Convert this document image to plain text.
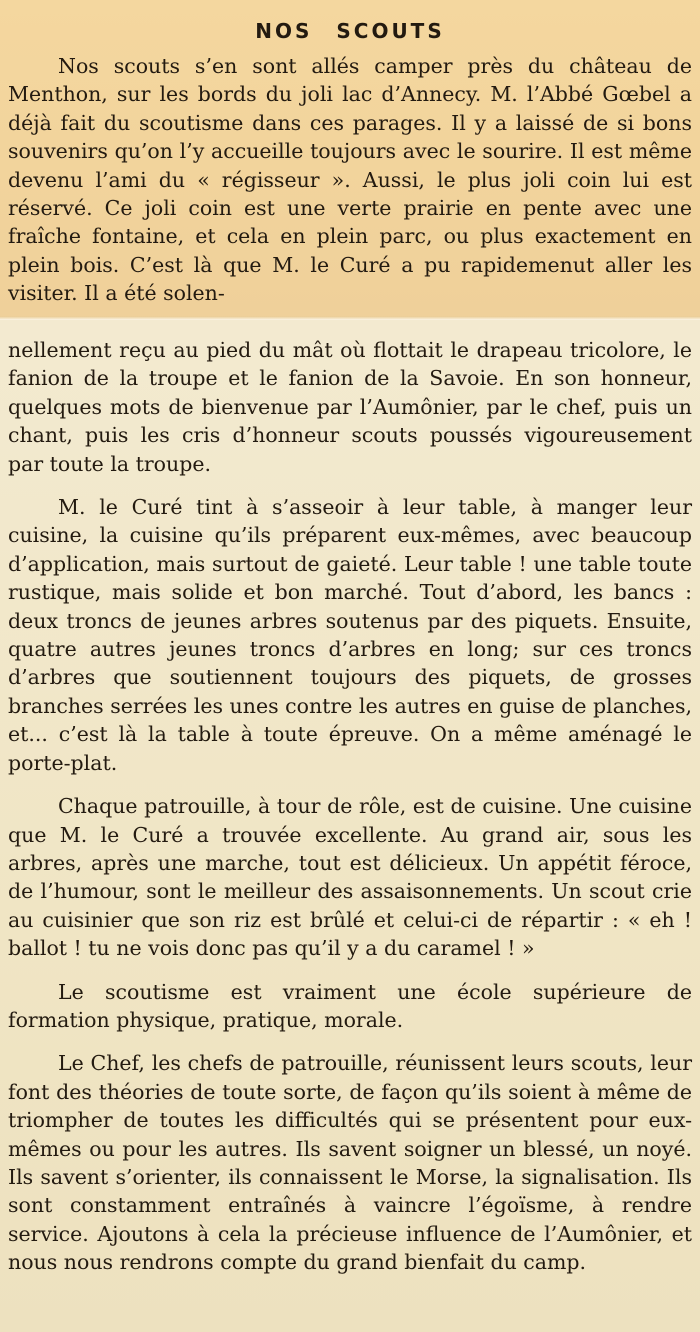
NOS SCOUTS

Nos scouts s’en sont allés camper près du château de Menthon, sur les bords du joli lac d’Annecy. M. l’Abbé Gœbel a déjà fait du scoutisme dans ces parages. Il y a laissé de si bons souvenirs qu’on l’y accueille toujours avec le sourire. Il est même devenu l’ami du « régisseur ». Aussi, le plus joli coin lui est réservé. Ce joli coin est une verte prairie en pente avec une fraîche fontaine, et cela en plein parc, ou plus exactement en plein bois. C’est là que M. le Curé a pu rapidemenut aller les visiter. Il a été solen-

nellement reçu au pied du mât où flottait le drapeau tricolore, le fanion de la troupe et le fanion de la Savoie. En son honneur, quelques mots de bienvenue par l’Aumônier, par le chef, puis un chant, puis les cris d’honneur scouts poussés vigoureusement par toute la troupe.

M. le Curé tint à s’asseoir à leur table, à manger leur cuisine, la cuisine qu’ils préparent eux-mêmes, avec beaucoup d’application, mais surtout de gaieté. Leur table ! une table toute rustique, mais solide et bon marché. Tout d’abord, les bancs : deux troncs de jeunes arbres soutenus par des piquets. Ensuite, quatre autres jeunes troncs d’arbres en long; sur ces troncs d’arbres que soutiennent toujours des piquets, de grosses branches serrées les unes contre les autres en guise de planches, et... c’est là la table à toute épreuve. On a même aménagé le porte-plat.

Chaque patrouille, à tour de rôle, est de cuisine. Une cuisine que M. le Curé a trouvée excellente. Au grand air, sous les arbres, après une marche, tout est délicieux. Un appétit féroce, de l’humour, sont le meilleur des assaisonnements. Un scout crie au cuisinier que son riz est brûlé et celui-ci de répartir : « eh ! ballot ! tu ne vois donc pas qu’il y a du caramel ! »

Le scoutisme est vraiment une école supérieure de formation physique, pratique, morale.

Le Chef, les chefs de patrouille, réunissent leurs scouts, leur font des théories de toute sorte, de façon qu’ils soient à même de triompher de toutes les difficultés qui se présentent pour eux-mêmes ou pour les autres. Ils savent soigner un blessé, un noyé. Ils savent s’orienter, ils connaissent le Morse, la signalisation. Ils sont constamment entraînés à vaincre l’égoïsme, à rendre service. Ajoutons à cela la précieuse influence de l’Aumônier, et nous nous rendrons compte du grand bienfait du camp.
